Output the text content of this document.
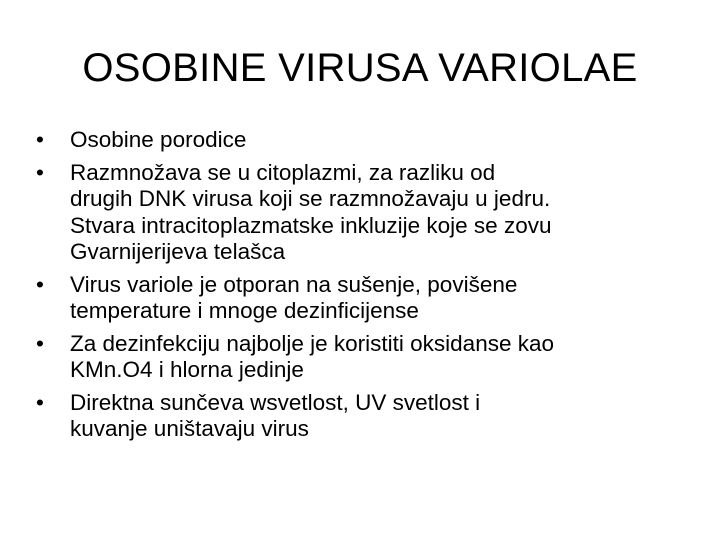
OSOBINE VIRUSA VARIOLAE
•	Osobine porodice
•	Razmnožava se u citoplazmi, za razliku od
drugih DNK virusa koji se razmnožavaju u jedru.
Stvara intracitoplazmatske inkluzije koje se zovu
Gvarnijerijeva telašca
•	Virus variole je otporan na sušenje, povišene
temperature i mnoge dezinficijense
•	Za dezinfekciju najbolje je koristiti oksidanse kao
KMn.O4 i hlorna jedinje
•	Direktna sunčeva wsvetlost, UV svetlost i
kuvanje uništavaju virus
